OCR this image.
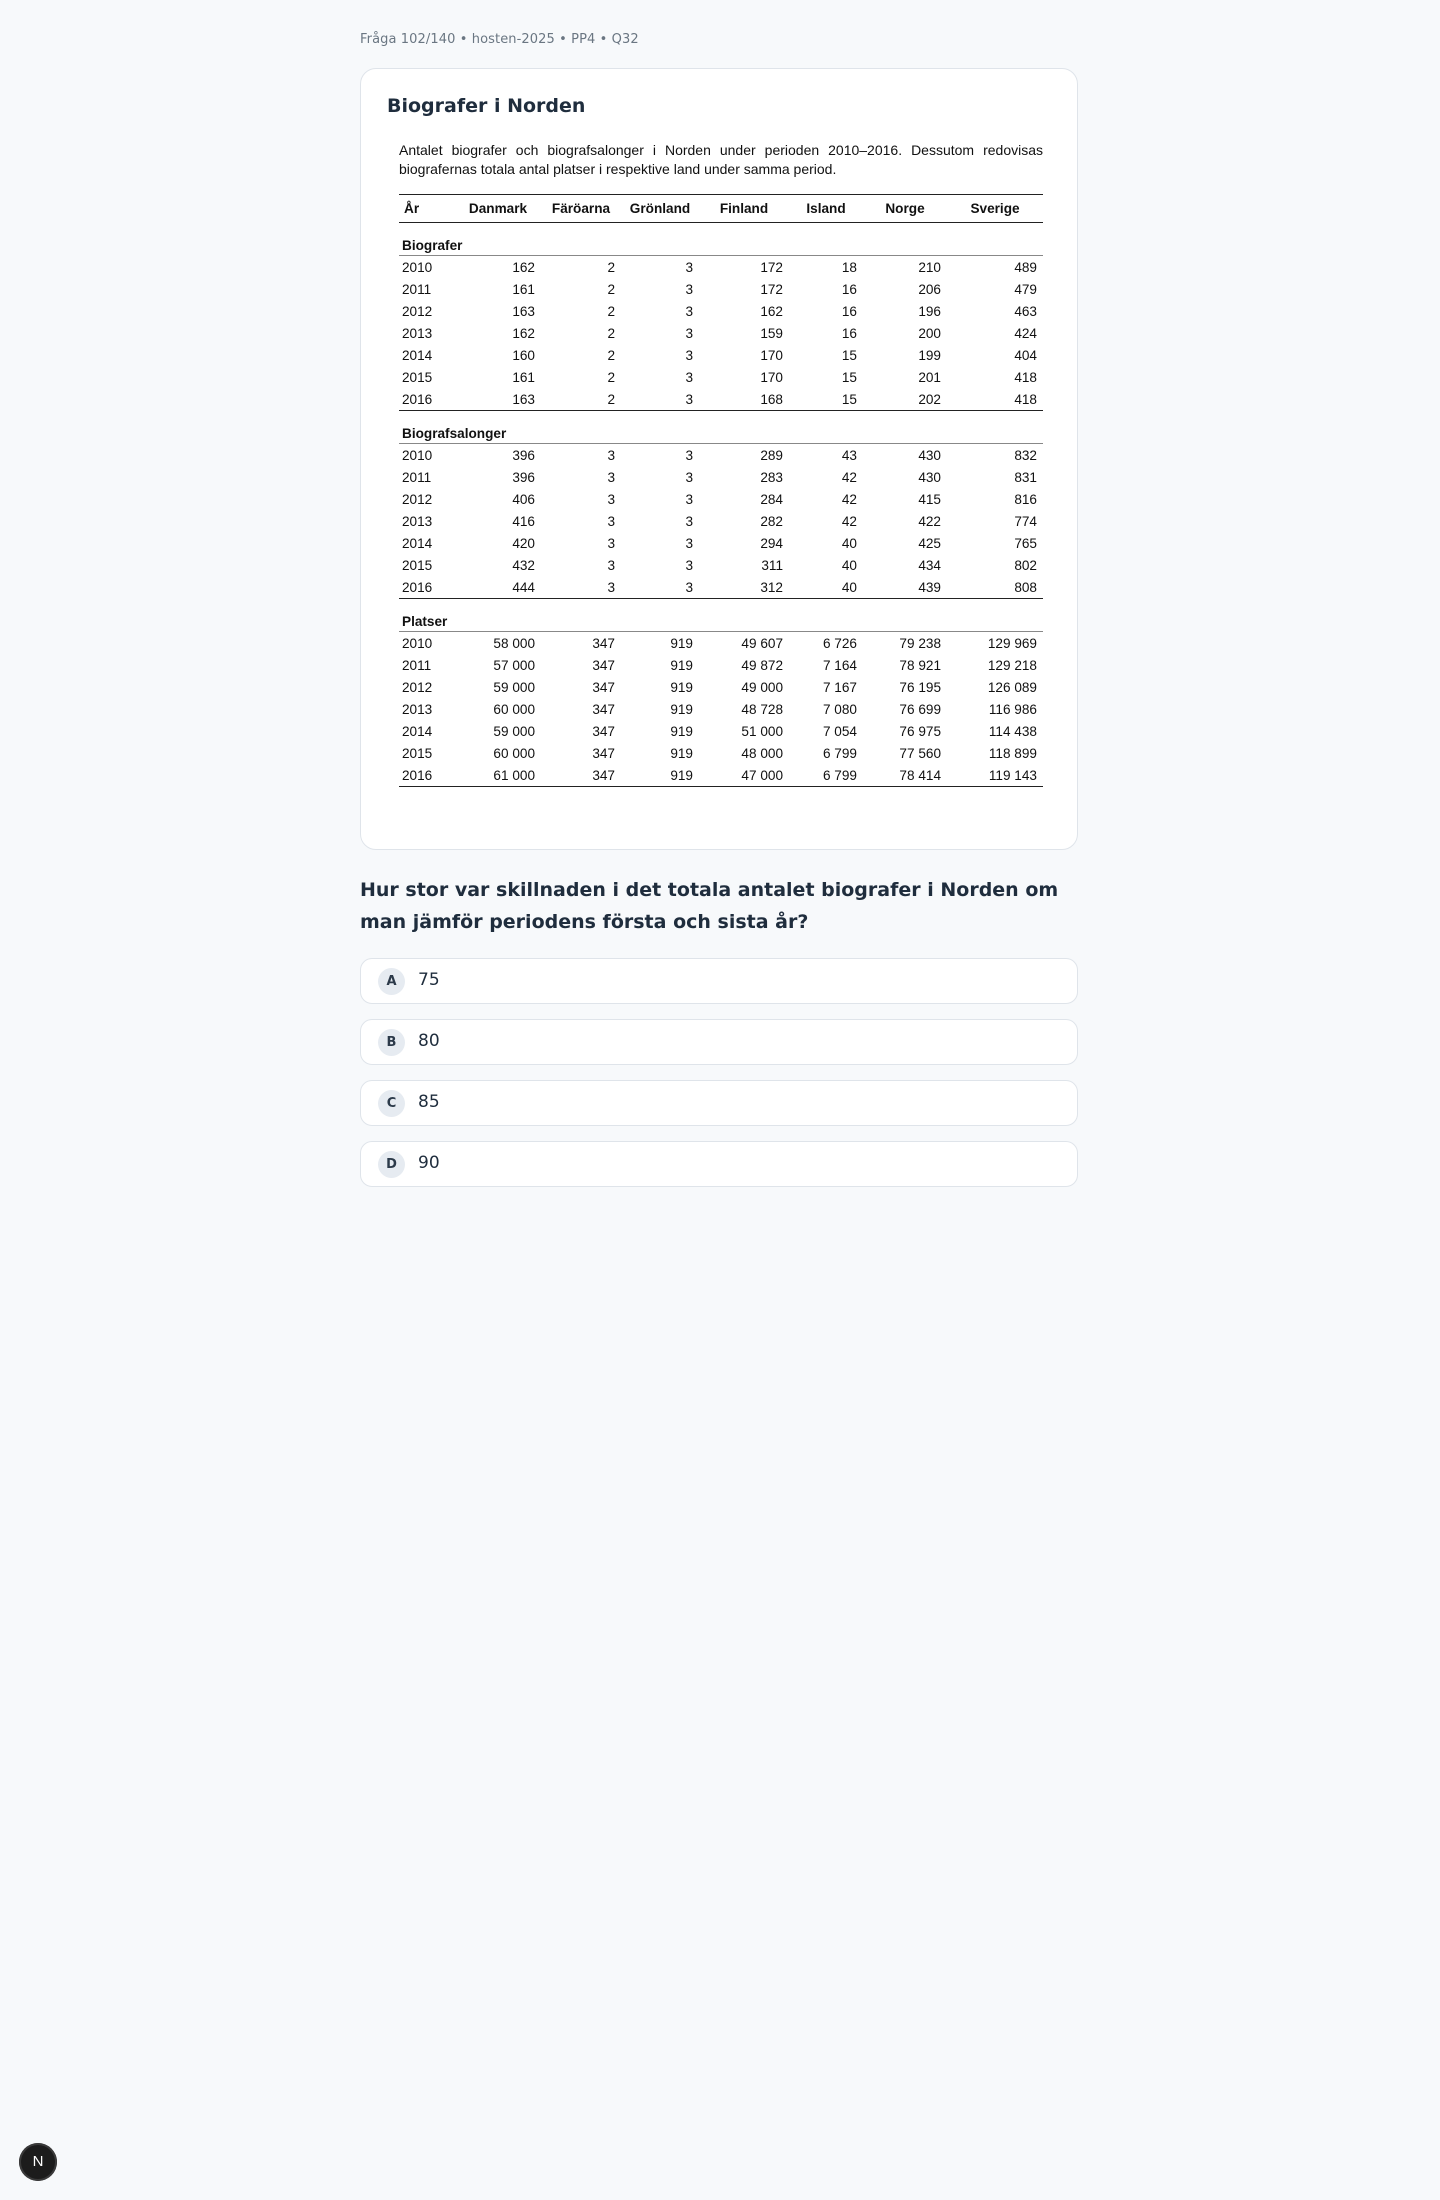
Fråga 102/140 • hosten-2025 • PP4 • Q32
Biografer i Norden

Antalet biografer och biografsalonger i Norden under perioden 2010–2016. Dessutom redovisas biografernas totala antal platser i respektive land under samma period.

År	Danmark	Färöarna	Grönland	Finland	Island	Norge	Sverige

Biografer							
2010	162	2	3	172	18	210	489
2011	161	2	3	172	16	206	479
2012	163	2	3	162	16	196	463
2013	162	2	3	159	16	200	424
2014	160	2	3	170	15	199	404
2015	161	2	3	170	15	201	418
2016	163	2	3	168	15	202	418

Biografsalonger							
2010	396	3	3	289	43	430	832
2011	396	3	3	283	42	430	831
2012	406	3	3	284	42	415	816
2013	416	3	3	282	42	422	774
2014	420	3	3	294	40	425	765
2015	432	3	3	311	40	434	802
2016	444	3	3	312	40	439	808

Platser							
2010	58 000	347	919	49 607	6 726	79 238	129 969
2011	57 000	347	919	49 872	7 164	78 921	129 218
2012	59 000	347	919	49 000	7 167	76 195	126 089
2013	60 000	347	919	48 728	7 080	76 699	116 986
2014	59 000	347	919	51 000	7 054	76 975	114 438
2015	60 000	347	919	48 000	6 799	77 560	118 899
2016	61 000	347	919	47 000	6 799	78 414	119 143
Hur stor var skillnaden i det totala antalet biografer i Norden om man jämför periodens första och sista år?
A	75
B	80
C	85
D	90
N
